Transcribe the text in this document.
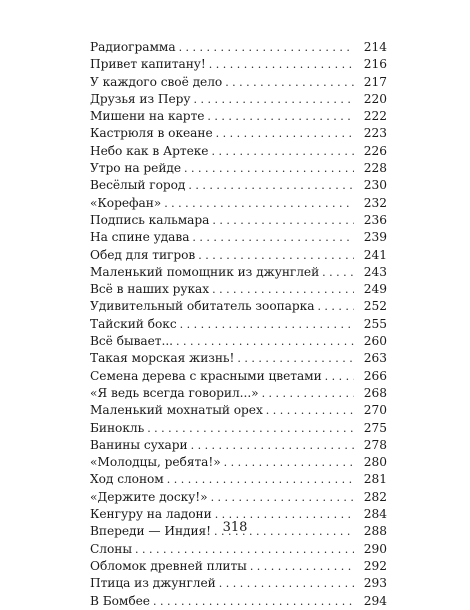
Радиограмма . . .	214
Привет капитану! . . .	216
У каждого своё дело . . .	217
Друзья из Перу . . .	220
Мишени на карте . . .	222
Кастрюля в океане . . .	223
Небо как в Артеке . . .	226
Утро на рейде . . .	228
Весёлый город . . .	230
«Корефан» . . .	232
Подпись кальмара . . .	236
На спине удава . . .	239
Обед для тигров . . .	241
Маленький помощник из джунглей . . .	243
Всё в наших руках . . .	249
Удивительный обитатель зоопарка . . .	252
Тайский бокс . . .	255
Всё бывает... . . .	260
Такая морская жизнь! . . .	263
Семена дерева с красными цветами . . .	266
«Я ведь всегда говорил...» . . .	268
Маленький мохнатый орех . . .	270
Бинокль . . .	275
Ванины сухари . . .	278
«Молодцы, ребята!» . . .	280
Ход слоном . . .	281
«Держите доску!» . . .	282
Кенгуру на ладони . . .	284
Впереди — Индия! . . .	288
Слоны . . .	290
Обломок древней плиты . . .	292
Птица из джунглей . . .	293
В Бомбее . . .	294
318
